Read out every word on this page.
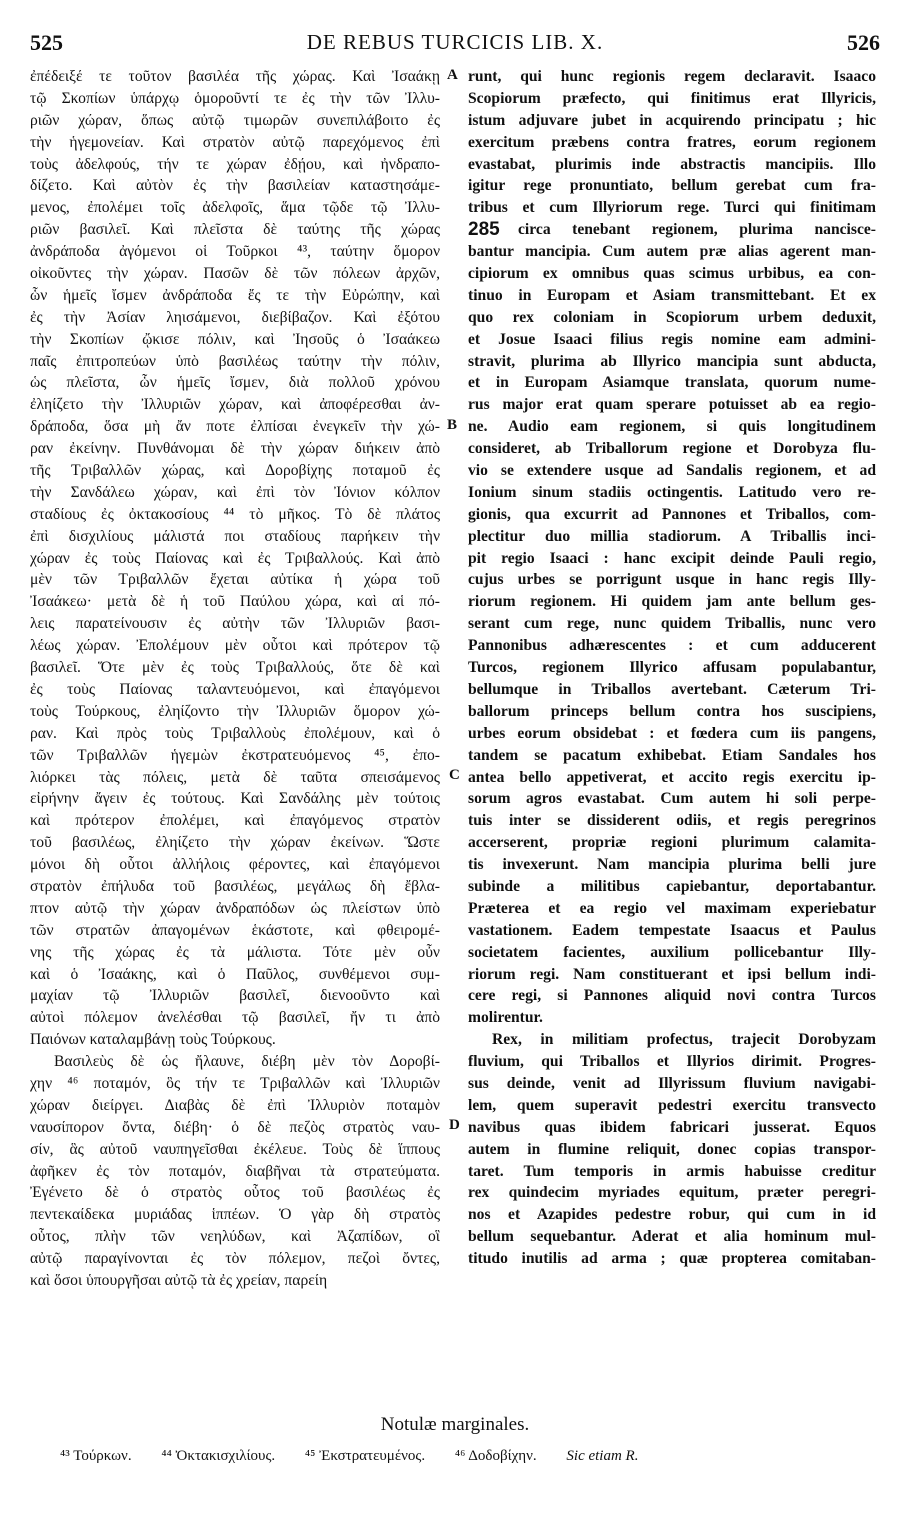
525	DE REBUS TURCICIS LIB. X.	526
ἐπέδειξέ τε τοῦτον βασιλέα τῆς χώρας. Καὶ Ἰσαάκῃ
τῷ Σκοπίων ὑπάρχῳ ὁμοροῦντί τε ἐς τὴν τῶν Ἰλλυ-
ριῶν χώραν, ὅπως αὐτῷ τιμωρῶν συνεπιλάβοιτο ἐς
τὴν ἡγεμονείαν. Καὶ στρατὸν αὐτῷ παρεχόμενος ἐπὶ
τοὺς ἀδελφούς, τήν τε χώραν ἐδῄου, καὶ ἠνδραπο-
δίζετο. Καὶ αὐτὸν ἐς τὴν βασιλείαν καταστησάμε-
μενος, ἐπολέμει τοῖς ἀδελφοῖς, ἅμα τῷδε τῷ Ἰλλυ-
ριῶν βασιλεῖ. Καὶ πλεῖστα δὲ ταύτης τῆς χώρας
ἀνδράποδα ἀγόμενοι οἱ Τοῦρκοι ⁴³, ταύτην ὅμορον
οἰκοῦντες τὴν χώραν. Πασῶν δὲ τῶν πόλεων ἀρχῶν,
ὧν ἡμεῖς ἴσμεν ἀνδράποδα ἔς τε τὴν Εὐρώπην, καὶ
ἐς τὴν Ἀσίαν ληισάμενοι, διεβίβαζον. Καὶ ἐξότου
τὴν Σκοπίων ᾤκισε πόλιν, καὶ Ἰησοῦς ὁ Ἰσαάκεω
παῖς ἐπιτροπεύων ὑπὸ βασιλέως ταύτην τὴν πόλιν,
ὡς πλεῖστα, ὧν ἡμεῖς ἴσμεν, διὰ πολλοῦ χρόνου
ἐληίζετο τὴν Ἰλλυριῶν χώραν, καὶ ἀποφέρεσθαι ἀν-
δράποδα, ὅσα μὴ ἄν ποτε ἐλπίσαι ἐνεγκεῖν τὴν χώ-
ραν ἐκείνην. Πυνθάνομαι δὲ τὴν χώραν διήκειν ἀπὸ
τῆς Τριβαλλῶν χώρας, καὶ Δοροβίχης ποταμοῦ ἐς
τὴν Σανδάλεω χώραν, καὶ ἐπὶ τὸν Ἰόνιον κόλπον
σταδίους ἐς ὀκτακοσίους ⁴⁴ τὸ μῆκος. Τὸ δὲ πλάτος
ἐπὶ δισχιλίους μάλιστά ποι σταδίους παρήκειν τὴν
χώραν ἐς τοὺς Παίονας καὶ ἐς Τριβαλλούς. Καὶ ἀπὸ
μὲν τῶν Τριβαλλῶν ἔχεται αὐτίκα ἡ χώρα τοῦ
Ἰσαάκεω· μετὰ δὲ ἡ τοῦ Παύλου χώρα, καὶ αἱ πό-
λεις παρατείνουσιν ἐς αὐτὴν τῶν Ἰλλυριῶν βασι-
λέως χώραν. Ἐπολέμουν μὲν οὗτοι καὶ πρότερον τῷ
βασιλεῖ. Ὅτε μὲν ἐς τοὺς Τριβαλλούς, ὅτε δὲ καὶ
ἐς τοὺς Παίονας ταλαντευόμενοι, καὶ ἐπαγόμενοι
τοὺς Τούρκους, ἐληίζοντο τὴν Ἰλλυριῶν ὅμορον χώ-
ραν. Καὶ πρὸς τοὺς Τριβαλλοὺς ἐπολέμουν, καὶ ὁ
τῶν Τριβαλλῶν ἡγεμὼν ἐκστρατευόμενος ⁴⁵, ἐπο-
λιόρκει τὰς πόλεις, μετὰ δὲ ταῦτα σπεισάμενος
εἰρήνην ἄγειν ἐς τούτους. Καὶ Σανδάλης μὲν τούτοις
καὶ πρότερον ἐπολέμει, καὶ ἐπαγόμενος στρατὸν
τοῦ βασιλέως, ἐληίζετο τὴν χώραν ἐκείνων. Ὥστε
μόνοι δὴ οὗτοι ἀλλήλοις φέροντες, καὶ ἐπαγόμενοι
στρατὸν ἐπήλυδα τοῦ βασιλέως, μεγάλως δὴ ἔβλα-
πτον αὐτῷ τὴν χώραν ἀνδραπόδων ὡς πλείστων ὑπὸ
τῶν στρατῶν ἀπαγομένων ἑκάστοτε, καὶ φθειρομέ-
νης τῆς χώρας ἐς τὰ μάλιστα. Τότε μὲν οὖν
καὶ ὁ Ἰσαάκης, καὶ ὁ Παῦλος, συνθέμενοι συμ-
μαχίαν τῷ Ἰλλυριῶν βασιλεῖ, διενοοῦντο καὶ
αὐτοὶ πόλεμον ἀνελέσθαι τῷ βασιλεῖ, ἤν τι ἀπὸ
Παιόνων καταλαμβάνῃ τοὺς Τούρκους.
Βασιλεὺς δὲ ὡς ἤλαυνε, διέβη μὲν τὸν Δοροβί-
χην ⁴⁶ ποταμόν, ὃς τήν τε Τριβαλλῶν καὶ Ἰλλυριῶν
χώραν διείργει. Διαβὰς δὲ ἐπὶ Ἰλλυριὸν ποταμὸν
ναυσίπορον ὄντα, διέβη· ὁ δὲ πεζὸς στρατὸς ναυ-
σίν, ἃς αὐτοῦ ναυπηγεῖσθαι ἐκέλευε. Τοὺς δὲ ἵππους
ἀφῆκεν ἐς τὸν ποταμόν, διαβῆναι τὰ στρατεύματα.
Ἐγένετο δὲ ὁ στρατὸς οὗτος τοῦ βασιλέως ἐς
πεντεκαίδεκα μυριάδας ἱππέων. Ὁ γὰρ δὴ στρατὸς
οὗτος, πλὴν τῶν νεηλύδων, καὶ Ἀζαπίδων, οἳ
αὐτῷ παραγίνονται ἐς τὸν πόλεμον, πεζοὶ ὄντες,
καὶ ὅσοι ὑπουργῆσαι αὐτῷ τὰ ἐς χρείαν, παρείη
runt, qui hunc regionis regem declaravit. Isaaco
Scopiorum præfecto, qui finitimus erat Illyricis,
istum adjuvare jubet in acquirendo principatu ; hic
exercitum præbens contra fratres, eorum regionem
evastabat, plurimis inde abstractis mancipiis. Illo
igitur rege pronuntiato, bellum gerebat cum fra-
tribus et cum Illyriorum rege. Turci qui finitimam
circa tenebant regionem, plurima nancisce-
bantur mancipia. Cum autem præ alias agerent man-
cipiorum ex omnibus quas scimus urbibus, ea con-
tinuo in Europam et Asiam transmittebant. Et ex
quo rex coloniam in Scopiorum urbem deduxit,
et Josue Isaaci filius regis nomine eam admini-
stravit, plurima ab Illyrico mancipia sunt abducta,
et in Europam Asiamque translata, quorum nume-
rus major erat quam sperare potuisset ab ea regio-
ne. Audio eam regionem, si quis longitudinem
consideret, ab Triballorum regione et Dorobyza flu-
vio se extendere usque ad Sandalis regionem, et ad
Ionium sinum stadiis octingentis. Latitudo vero re-
gionis, qua excurrit ad Pannones et Triballos, com-
plectitur duo millia stadiorum. A Triballis inci-
pit regio Isaaci : hanc excipit deinde Pauli regio,
cujus urbes se porrigunt usque in hanc regis Illy-
riorum regionem. Hi quidem jam ante bellum ges-
serant cum rege, nunc quidem Triballis, nunc vero
Pannonibus adhærescentes : et cum adducerent
Turcos, regionem Illyrico affusam populabantur,
bellumque in Triballos avertebant. Cæterum Tri-
ballorum princeps bellum contra hos suscipiens,
urbes eorum obsidebat : et fœdera cum iis pangens,
tandem se pacatum exhibebat. Etiam Sandales hos
antea bello appetiverat, et accito regis exercitu ip-
sorum agros evastabat. Cum autem hi soli perpe-
tuis inter se dissiderent odiis, et regis peregrinos
accerserent, propriæ regioni plurimum calamita-
tis invexerunt. Nam mancipia plurima belli jure
subinde a militibus capiebantur, deportabantur.
Præterea et ea regio vel maximam experiebatur
vastationem. Eadem tempestate Isaacus et Paulus
societatem facientes, auxilium pollicebantur Illy-
riorum regi. Nam constituerant et ipsi bellum indi-
cere regi, si Pannones aliquid novi contra Turcos
molirentur.
Rex, in militiam profectus, trajecit Dorobyzam
fluvium, qui Triballos et Illyrios dirimit. Progres-
sus deinde, venit ad Illyrissum fluvium navigabi-
lem, quem superavit pedestri exercitu transvecto
navibus quas ibidem fabricari jusserat. Equos
autem in flumine reliquit, donec copias transpor-
taret. Tum temporis in armis habuisse creditur
rex quindecim myriades equitum, præter peregri-
nos et Azapides pedestre robur, qui cum in id
bellum sequebantur. Aderat et alia hominum mul-
titudo inutilis ad arma ; quæ propterea comitaban-
A
B
C
D
285
Notulæ marginales.
⁴³ Τούρκων. ⁴⁴ Ὀκτακισχιλίους. ⁴⁵ Ἐκστρατευμένος. ⁴⁶ Δοδοβίχην. Sic etiam R.
